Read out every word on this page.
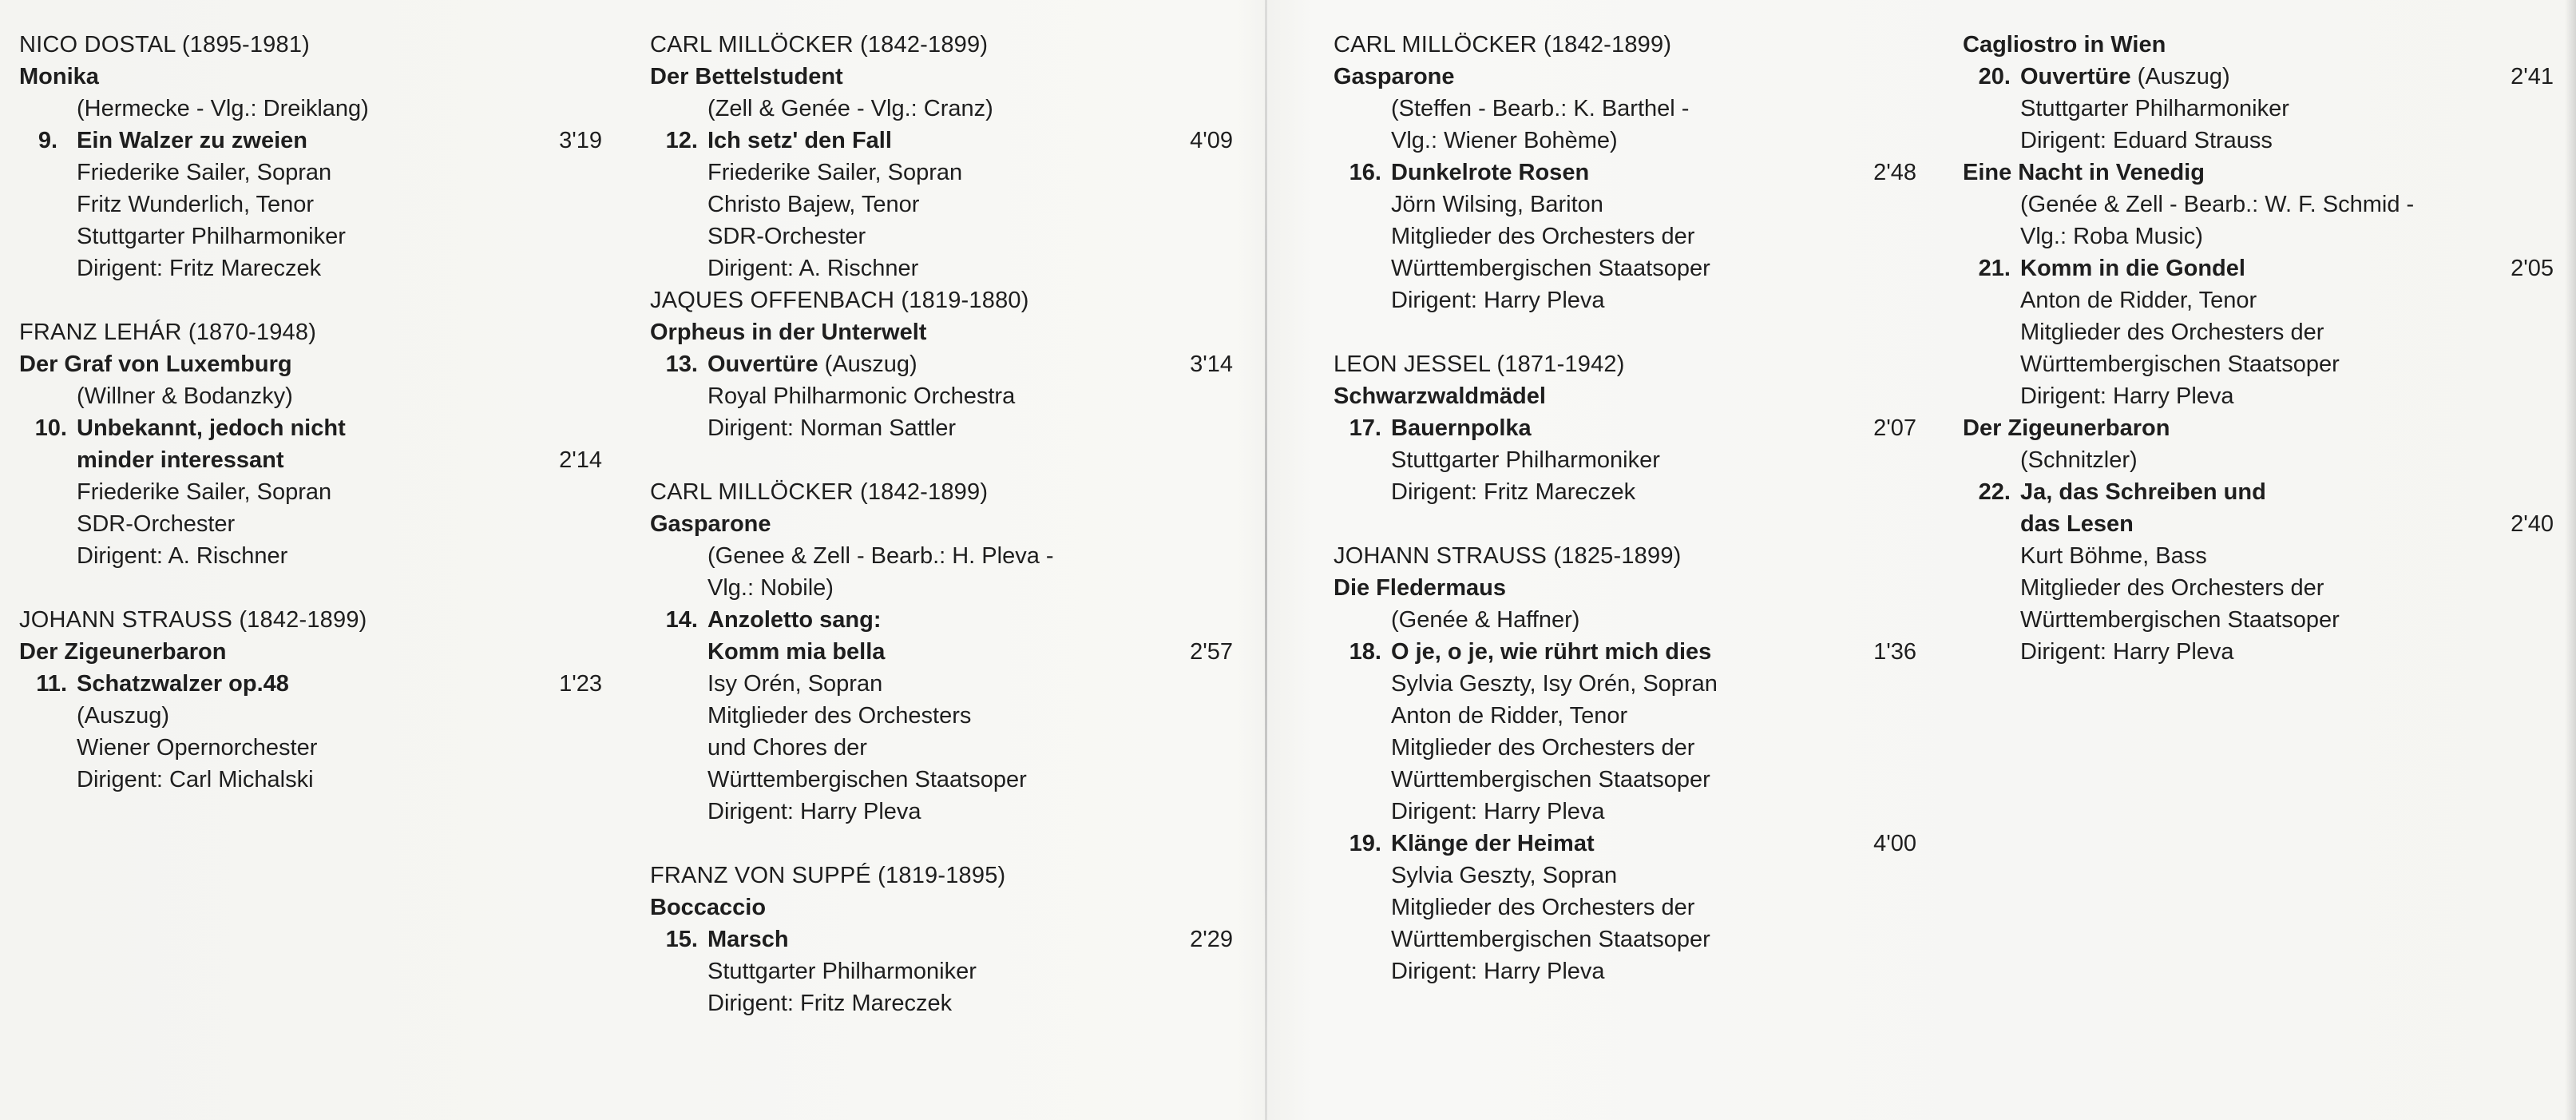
NICO DOSTAL (1895-1981)
Monika
(Hermecke - Vlg.: Dreiklang)
9. Ein Walzer zu zweien	3'19
Friederike Sailer, Sopran
Fritz Wunderlich, Tenor
Stuttgarter Philharmoniker
Dirigent: Fritz Mareczek
FRANZ LEHÁR (1870-1948)
Der Graf von Luxemburg
(Willner & Bodanzky)
10. Unbekannt, jedoch nicht
minder interessant	2'14
Friederike Sailer, Sopran
SDR-Orchester
Dirigent: A. Rischner
JOHANN STRAUSS (1842-1899)
Der Zigeunerbaron
11. Schatzwalzer op.48	1'23
(Auszug)
Wiener Opernorchester
Dirigent: Carl Michalski
CARL MILLÖCKER (1842-1899)
Der Bettelstudent
(Zell & Genée - Vlg.: Cranz)
12. Ich setz' den Fall	4'09
Friederike Sailer, Sopran
Christo Bajew, Tenor
SDR-Orchester
Dirigent: A. Rischner
JAQUES OFFENBACH (1819-1880)
Orpheus in der Unterwelt
13. Ouvertüre (Auszug)	3'14
Royal Philharmonic Orchestra
Dirigent: Norman Sattler
CARL MILLÖCKER (1842-1899)
Gasparone
(Genee & Zell - Bearb.: H. Pleva -
Vlg.: Nobile)
14. Anzoletto sang:
Komm mia bella	2'57
Isy Orén, Sopran
Mitglieder des Orchesters
und Chores der
Württembergischen Staatsoper
Dirigent: Harry Pleva
FRANZ VON SUPPÉ (1819-1895)
Boccaccio
15. Marsch	2'29
Stuttgarter Philharmoniker
Dirigent: Fritz Mareczek
CARL MILLÖCKER (1842-1899)
Gasparone
(Steffen - Bearb.: K. Barthel -
Vlg.: Wiener Bohème)
16. Dunkelrote Rosen	2'48
Jörn Wilsing, Bariton
Mitglieder des Orchesters der
Württembergischen Staatsoper
Dirigent: Harry Pleva
LEON JESSEL (1871-1942)
Schwarzwaldmädel
17. Bauernpolka	2'07
Stuttgarter Philharmoniker
Dirigent: Fritz Mareczek
JOHANN STRAUSS (1825-1899)
Die Fledermaus
(Genée & Haffner)
18. O je, o je, wie rührt mich dies	1'36
Sylvia Geszty, Isy Orén, Sopran
Anton de Ridder, Tenor
Mitglieder des Orchesters der
Württembergischen Staatsoper
Dirigent: Harry Pleva
19. Klänge der Heimat	4'00
Sylvia Geszty, Sopran
Mitglieder des Orchesters der
Württembergischen Staatsoper
Dirigent: Harry Pleva
Cagliostro in Wien
20. Ouvertüre (Auszug)	2'41
Stuttgarter Philharmoniker
Dirigent: Eduard Strauss
Eine Nacht in Venedig
(Genée & Zell - Bearb.: W. F. Schmid -
Vlg.: Roba Music)
21. Komm in die Gondel	2'05
Anton de Ridder, Tenor
Mitglieder des Orchesters der
Württembergischen Staatsoper
Dirigent: Harry Pleva
Der Zigeunerbaron
(Schnitzler)
22. Ja, das Schreiben und
das Lesen	2'40
Kurt Böhme, Bass
Mitglieder des Orchesters der
Württembergischen Staatsoper
Dirigent: Harry Pleva
